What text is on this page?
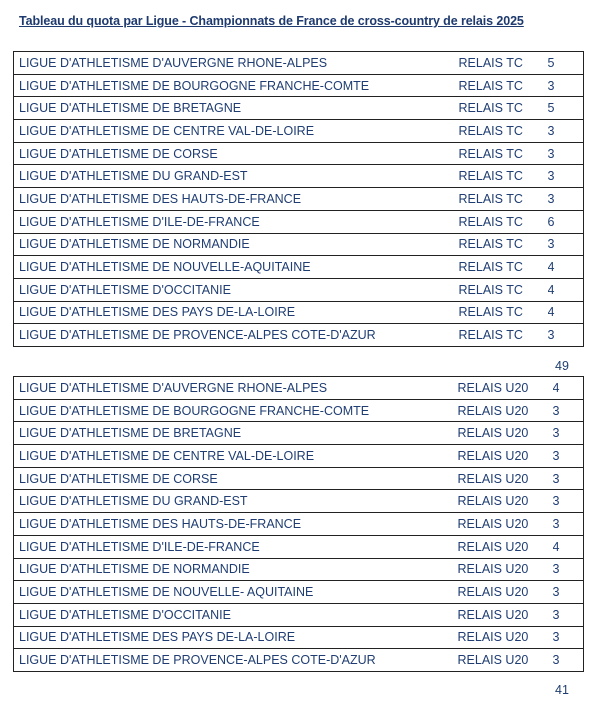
Tableau du quota par Ligue - Championnats de France de cross-country de relais 2025
LIGUE D'ATHLETISME D'AUVERGNE RHONE-ALPES	RELAIS TC	5
LIGUE D'ATHLETISME DE BOURGOGNE FRANCHE-COMTE	RELAIS TC	3
LIGUE D'ATHLETISME DE BRETAGNE	RELAIS TC	5
LIGUE D'ATHLETISME DE CENTRE VAL-DE-LOIRE	RELAIS TC	3
LIGUE D'ATHLETISME DE CORSE	RELAIS TC	3
LIGUE D'ATHLETISME DU GRAND-EST	RELAIS TC	3
LIGUE D'ATHLETISME DES HAUTS-DE-FRANCE	RELAIS TC	3
LIGUE D'ATHLETISME D'ILE-DE-FRANCE	RELAIS TC	6
LIGUE D'ATHLETISME DE NORMANDIE	RELAIS TC	3
LIGUE D'ATHLETISME DE NOUVELLE-AQUITAINE	RELAIS TC	4
LIGUE D'ATHLETISME D'OCCITANIE	RELAIS TC	4
LIGUE D'ATHLETISME DES PAYS DE-LA-LOIRE	RELAIS TC	4
LIGUE D'ATHLETISME DE PROVENCE-ALPES COTE-D'AZUR	RELAIS TC	3
49
LIGUE D'ATHLETISME D'AUVERGNE RHONE-ALPES	RELAIS U20	4
LIGUE D'ATHLETISME DE BOURGOGNE FRANCHE-COMTE	RELAIS U20	3
LIGUE D'ATHLETISME DE BRETAGNE	RELAIS U20	3
LIGUE D'ATHLETISME DE CENTRE VAL-DE-LOIRE	RELAIS U20	3
LIGUE D'ATHLETISME DE CORSE	RELAIS U20	3
LIGUE D'ATHLETISME DU GRAND-EST	RELAIS U20	3
LIGUE D'ATHLETISME DES HAUTS-DE-FRANCE	RELAIS U20	3
LIGUE D'ATHLETISME D'ILE-DE-FRANCE	RELAIS U20	4
LIGUE D'ATHLETISME DE NORMANDIE	RELAIS U20	3
LIGUE D'ATHLETISME DE NOUVELLE- AQUITAINE	RELAIS U20	3
LIGUE D'ATHLETISME D'OCCITANIE	RELAIS U20	3
LIGUE D'ATHLETISME DES PAYS DE-LA-LOIRE	RELAIS U20	3
LIGUE D'ATHLETISME DE PROVENCE-ALPES COTE-D'AZUR	RELAIS U20	3
41
